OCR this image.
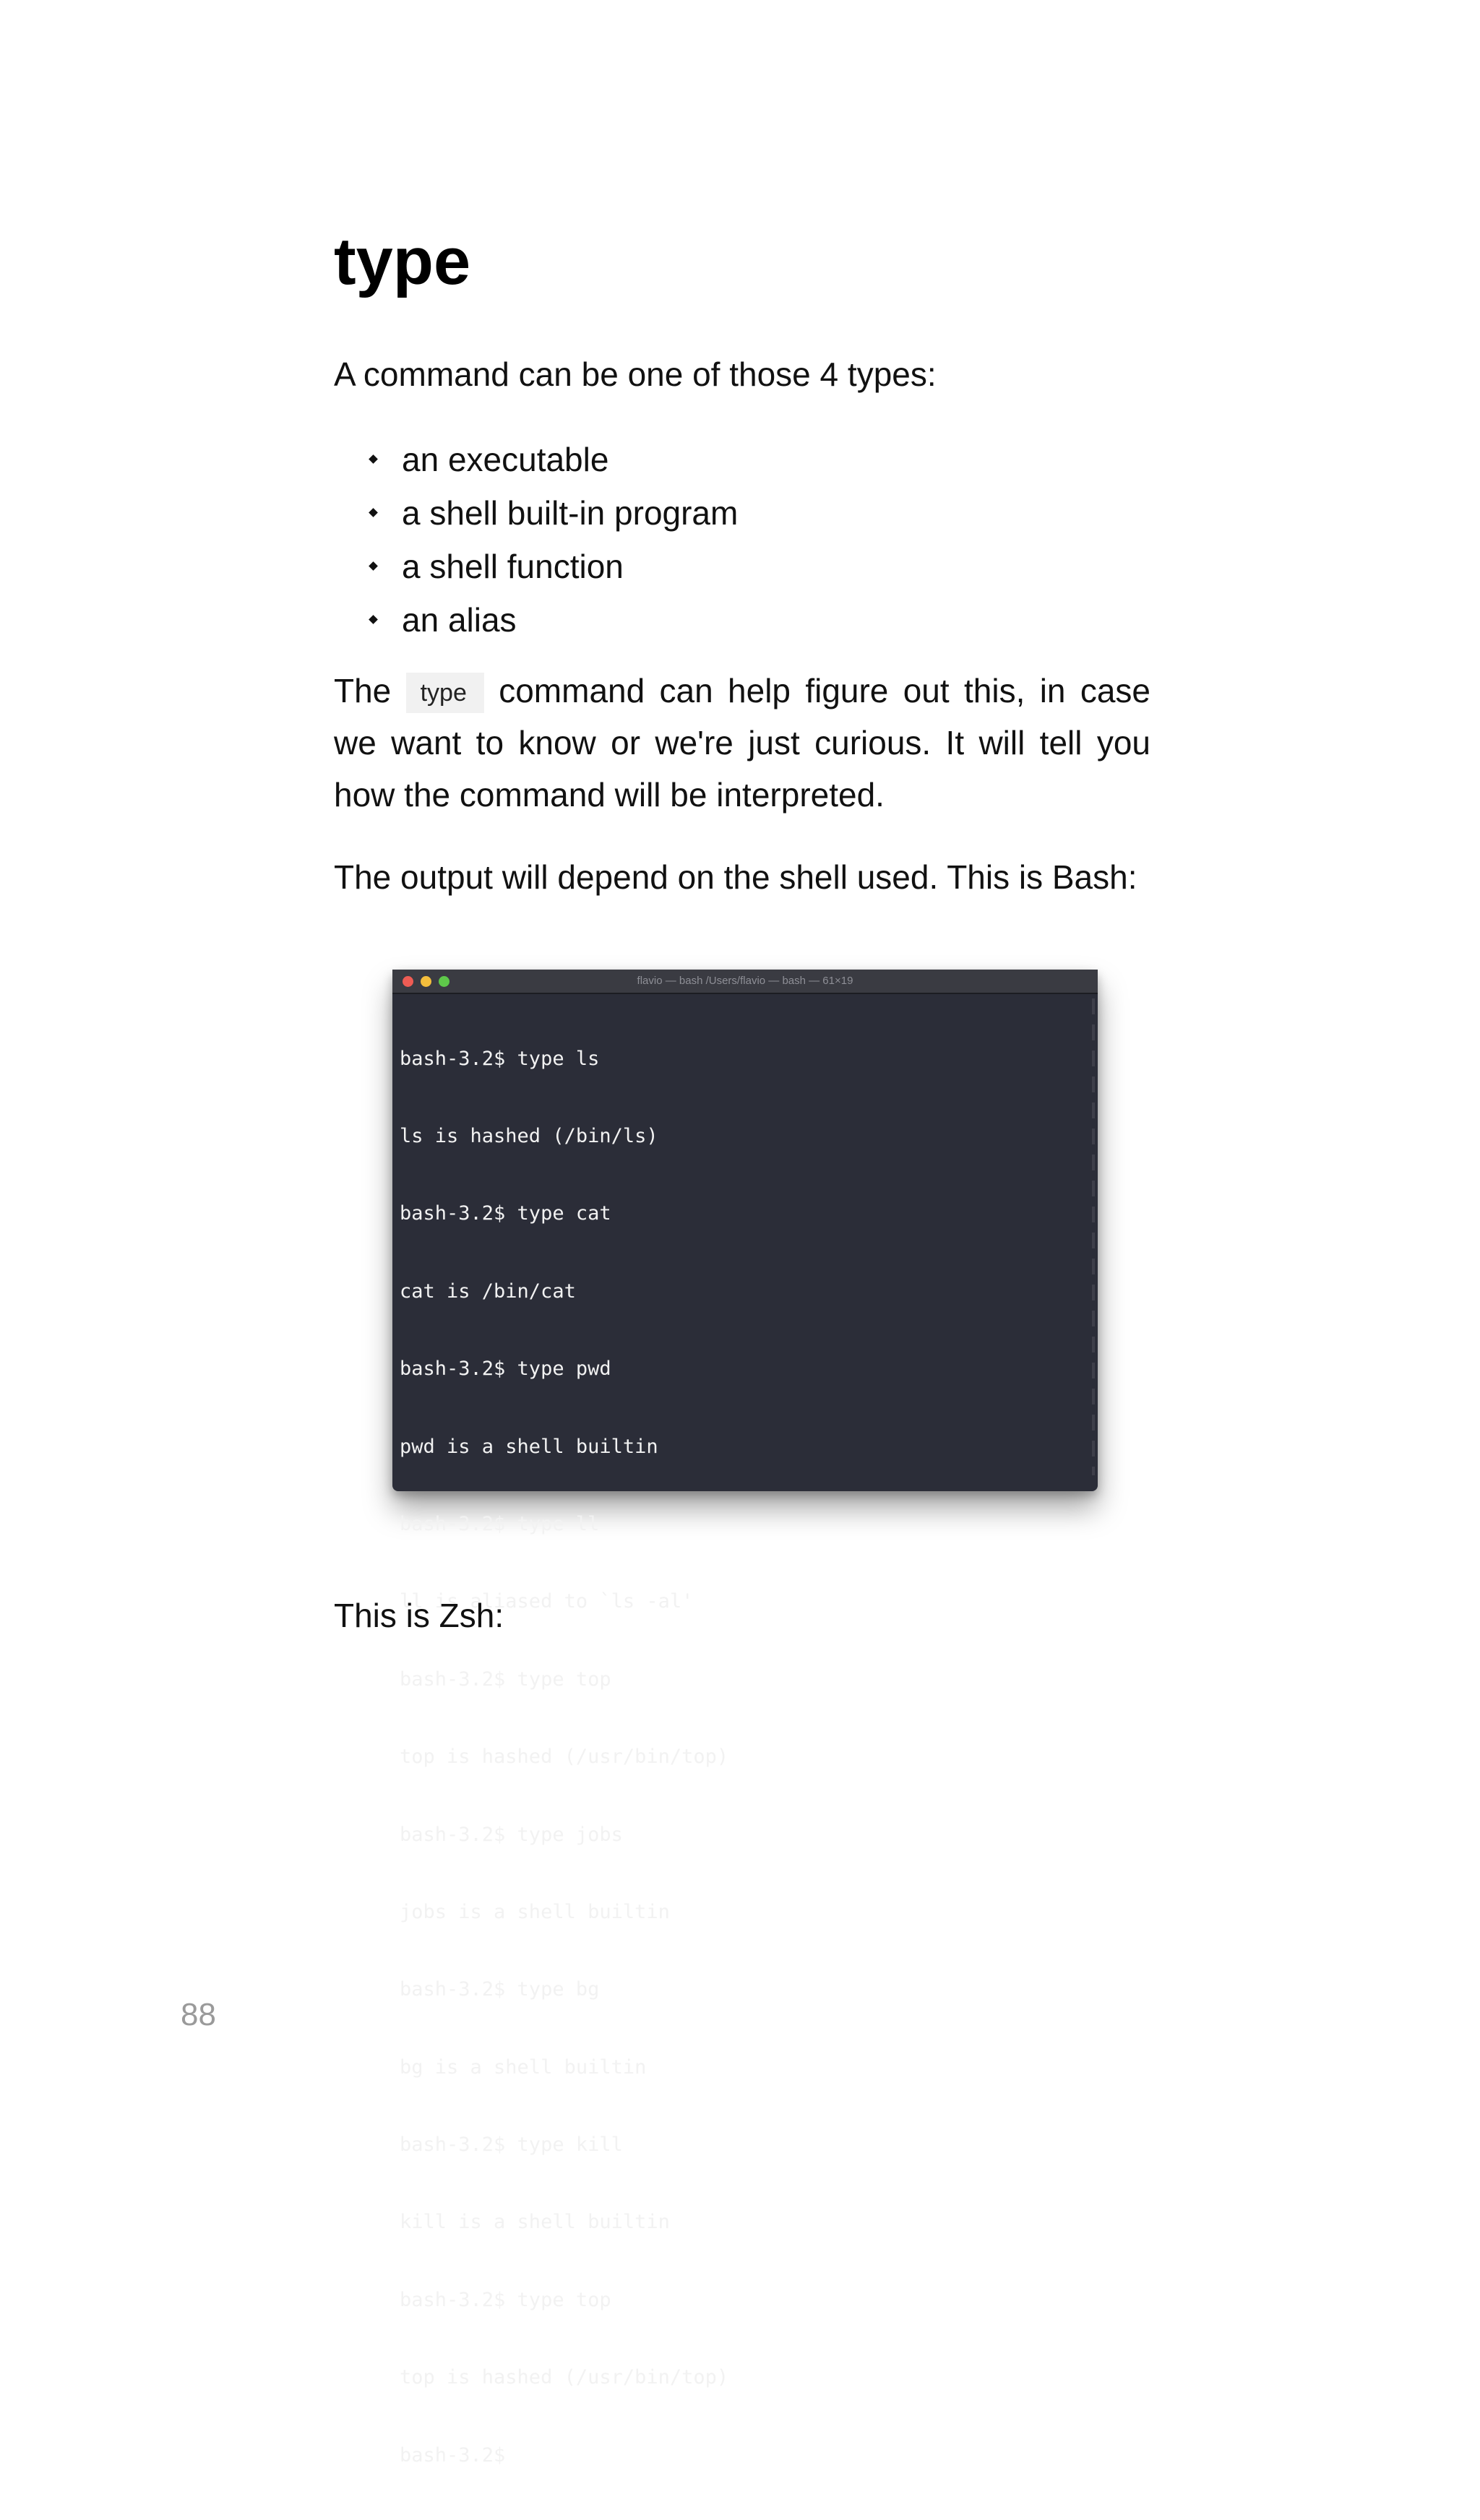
type

A command can be one of those 4 types:

an executable
a shell built-in program
a shell function
an alias

The type command can help figure out this, in case we want to know or we're just curious. It will tell you how the command will be interpreted.

The output will depend on the shell used. This is Bash:

flavio — bash /Users/flavio — bash — 61×19

bash-3.2$ type ls

ls is hashed (/bin/ls)

bash-3.2$ type cat

cat is /bin/cat

bash-3.2$ type pwd

pwd is a shell builtin

bash-3.2$ type ll

ll is aliased to `ls -al'

bash-3.2$ type top

top is hashed (/usr/bin/top)

bash-3.2$ type jobs

jobs is a shell builtin

bash-3.2$ type bg

bg is a shell builtin

bash-3.2$ type kill

kill is a shell builtin

bash-3.2$ type top

top is hashed (/usr/bin/top)

bash-3.2$

This is Zsh:

88
